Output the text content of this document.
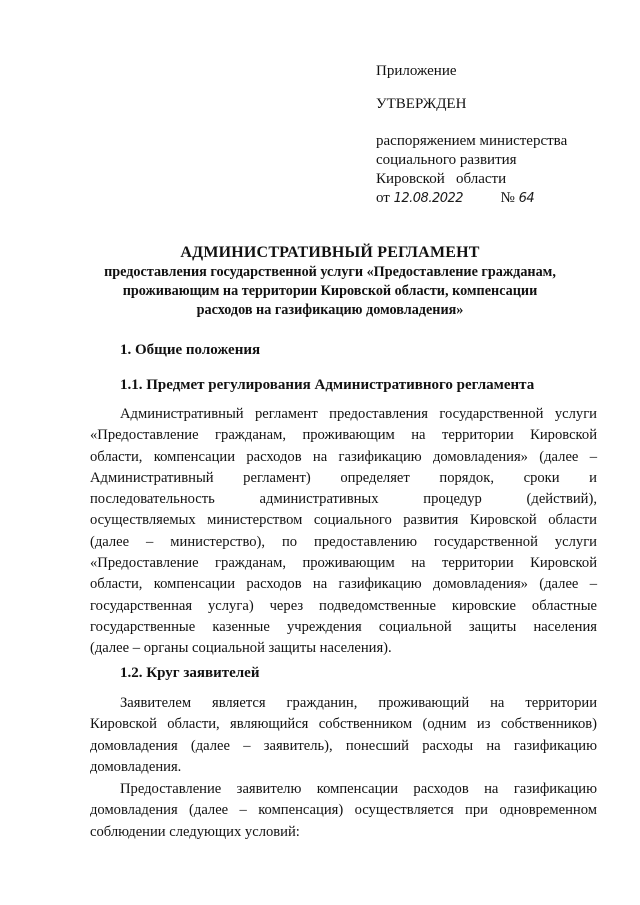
Приложение
УТВЕРЖДЕН
распоряжением министерства
социального развития
Кировской   области
от 12.08.2022	№ 64
АДМИНИСТРАТИВНЫЙ РЕГЛАМЕНТ
предоставления государственной услуги «Предоставление гражданам,
проживающим на территории Кировской области, компенсации
расходов на газификацию домовладения»
1. Общие положения
1.1. Предмет регулирования Административного регламента
Административный регламент предоставления государственной услуги
«Предоставление гражданам, проживающим на территории Кировской
области, компенсации расходов на газификацию домовладения» (далее –
Административный регламент) определяет порядок, сроки и
последовательность административных процедур (действий),
осуществляемых министерством социального развития Кировской области
(далее – министерство), по предоставлению государственной услуги
«Предоставление гражданам, проживающим на территории Кировской
области, компенсации расходов на газификацию домовладения» (далее –
государственная услуга) через подведомственные кировские областные
государственные казенные учреждения социальной защиты населения
(далее – органы социальной защиты населения).
1.2. Круг заявителей
Заявителем является гражданин, проживающий на территории
Кировской области, являющийся собственником (одним из собственников)
домовладения (далее – заявитель), понесший расходы на газификацию
домовладения.
Предоставление заявителю компенсации расходов на газификацию
домовладения (далее – компенсация) осуществляется при одновременном
соблюдении следующих условий:
